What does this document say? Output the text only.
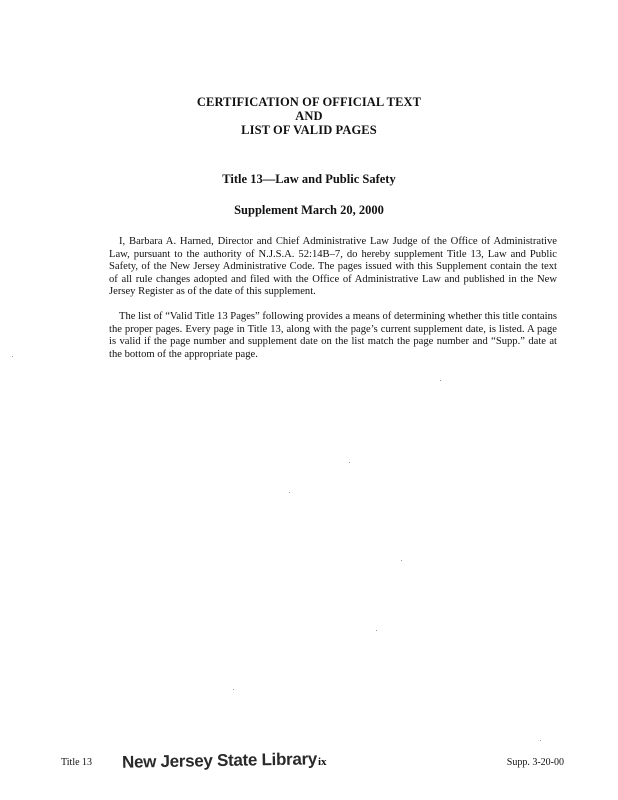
CERTIFICATION OF OFFICIAL TEXT
AND
LIST OF VALID PAGES
Title 13—Law and Public Safety
Supplement March 20, 2000

I, Barbara A. Harned, Director and Chief Administrative Law Judge of the Office of Administrative Law, pursuant to the authority of N.J.S.A. 52:14B–7, do hereby supplement Title 13, Law and Public Safety, of the New Jersey Administrative Code. The pages issued with this Supplement contain the text of all rule changes adopted and filed with the Office of Administrative Law and published in the New Jersey Register as of the date of this supplement.

The list of “Valid Title 13 Pages” following provides a means of determining whether this title contains the proper pages. Every page in Title 13, along with the page’s current supplement date, is listed. A page is valid if the page number and supplement date on the list match the page number and “Supp.” date at the bottom of the appropriate page.

Title 13 New Jersey State Library ix	Supp. 3-20-00
